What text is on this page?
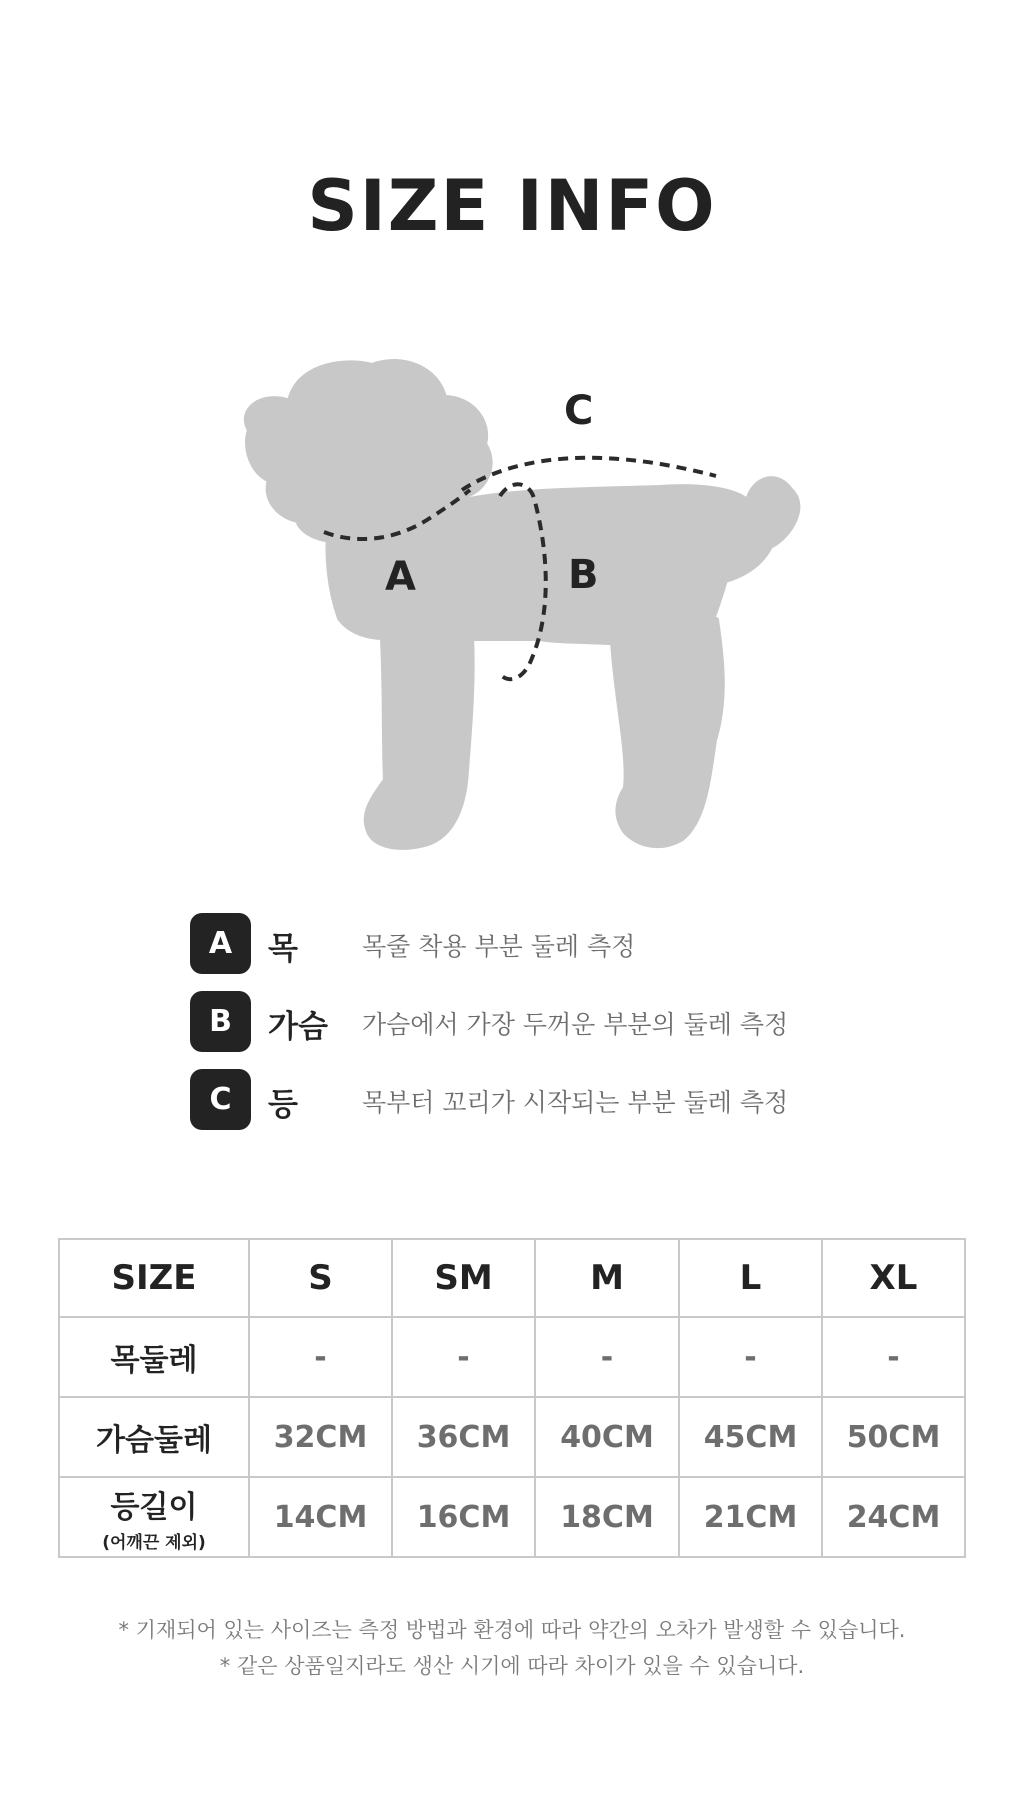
SIZE INFO
A	B
C
A	목	목줄 착용 부분 둘레 측정
B	가슴 가슴에서 가장 두꺼운 부분의 둘레 측정
C	등	목부터 꼬리가 시작되는 부분 둘레 측정
SIZE	S	SM	M	L	XL
목둘레	-	-	-	-	-
가슴둘레	32CM	36CM	40CM	45CM	50CM
등길이
(어깨끈 제외)	14CM	16CM	18CM	21CM	24CM
* 기재되어 있는 사이즈는 측정 방법과 환경에 따라 약간의 오차가 발생할 수 있습니다.
* 같은 상품일지라도 생산 시기에 따라 차이가 있을 수 있습니다.
